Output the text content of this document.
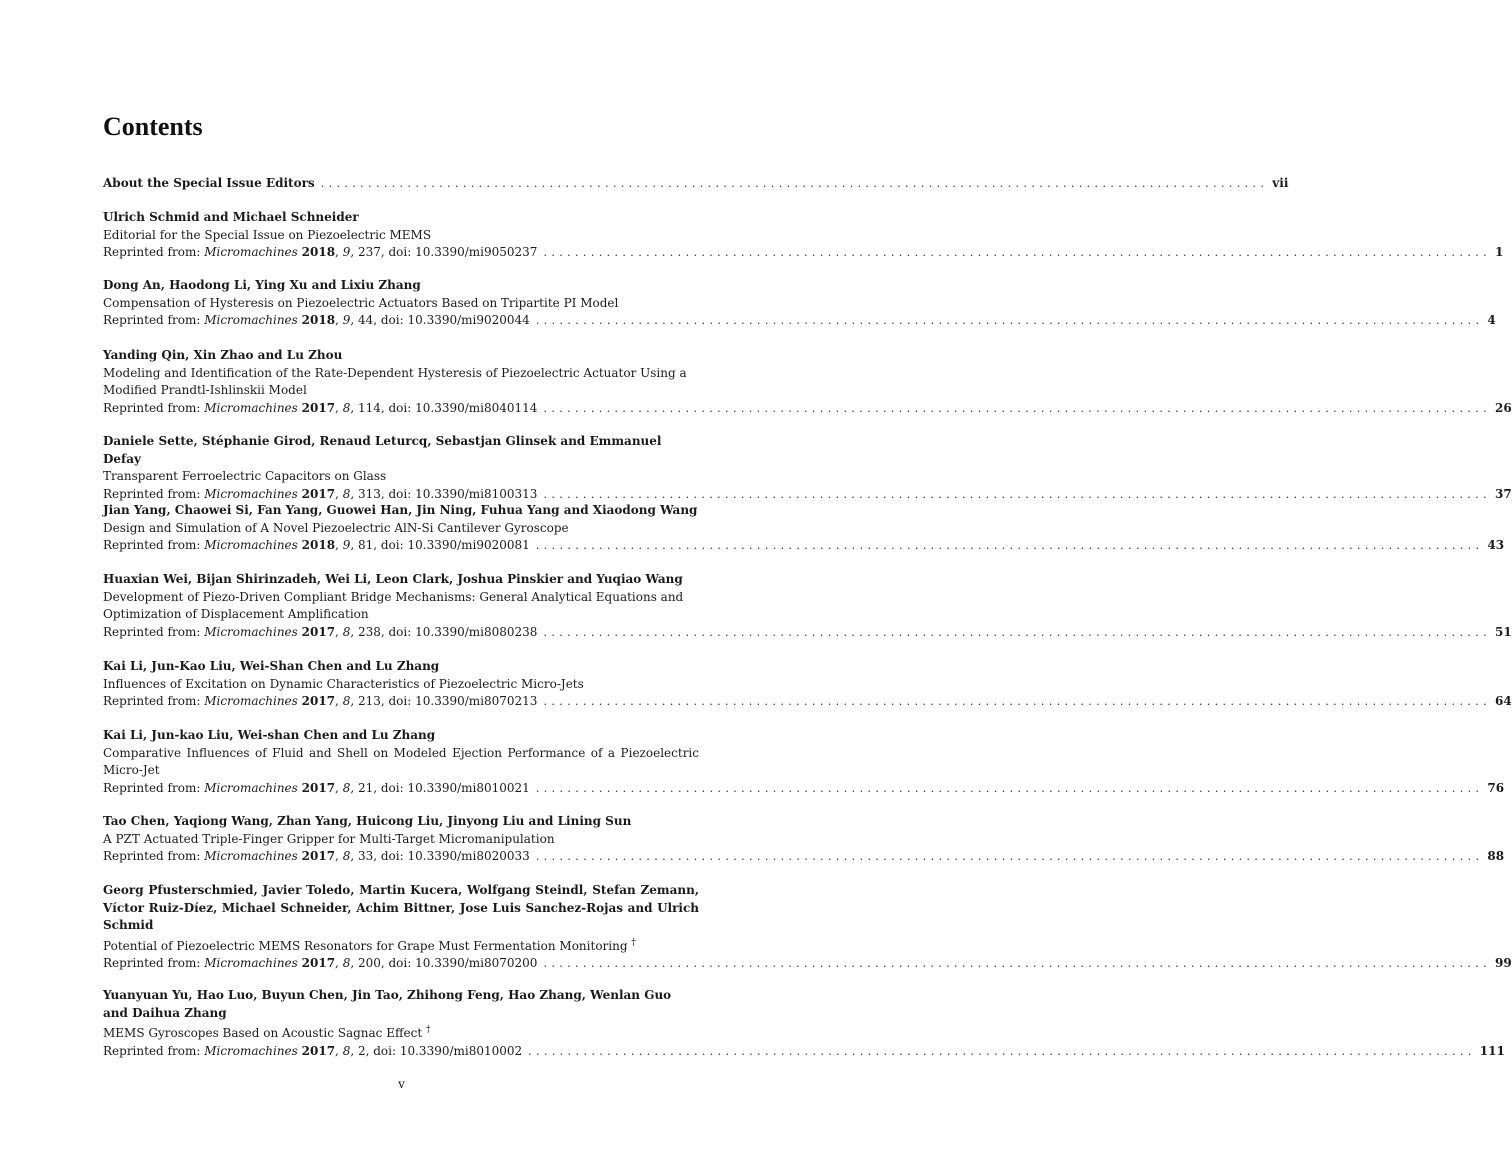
Contents
About the Special Issue Editors ........................................................................................................................ vii
Ulrich Schmid and Michael Schneider
Editorial for the Special Issue on Piezoelectric MEMS
Reprinted from: Micromachines 2018, 9, 237, doi: 10.3390/mi9050237 ........................................................................................................................ 1
Dong An, Haodong Li, Ying Xu and Lixiu Zhang
Compensation of Hysteresis on Piezoelectric Actuators Based on Tripartite PI Model
Reprinted from: Micromachines 2018, 9, 44, doi: 10.3390/mi9020044 ........................................................................................................................ 4
Yanding Qin, Xin Zhao and Lu Zhou
Modeling and Identification of the Rate-Dependent Hysteresis of Piezoelectric Actuator Using a Modified Prandtl-Ishlinskii Model
Reprinted from: Micromachines 2017, 8, 114, doi: 10.3390/mi8040114 ........................................................................................................................ 26
Daniele Sette, Stéphanie Girod, Renaud Leturcq, Sebastjan Glinsek and Emmanuel Defay
Transparent Ferroelectric Capacitors on Glass
Reprinted from: Micromachines 2017, 8, 313, doi: 10.3390/mi8100313 ........................................................................................................................ 37
Jian Yang, Chaowei Si, Fan Yang, Guowei Han, Jin Ning, Fuhua Yang and Xiaodong Wang
Design and Simulation of A Novel Piezoelectric AlN-Si Cantilever Gyroscope
Reprinted from: Micromachines 2018, 9, 81, doi: 10.3390/mi9020081 ........................................................................................................................ 43
Huaxian Wei, Bijan Shirinzadeh, Wei Li, Leon Clark, Joshua Pinskier and Yuqiao Wang
Development of Piezo-Driven Compliant Bridge Mechanisms: General Analytical Equations and Optimization of Displacement Amplification
Reprinted from: Micromachines 2017, 8, 238, doi: 10.3390/mi8080238 ........................................................................................................................ 51
Kai Li, Jun-Kao Liu, Wei-Shan Chen and Lu Zhang
Influences of Excitation on Dynamic Characteristics of Piezoelectric Micro-Jets
Reprinted from: Micromachines 2017, 8, 213, doi: 10.3390/mi8070213 ........................................................................................................................ 64
Kai Li, Jun-kao Liu, Wei-shan Chen and Lu Zhang
Comparative Influences of Fluid and Shell on Modeled Ejection Performance of a Piezoelectric Micro-Jet
Reprinted from: Micromachines 2017, 8, 21, doi: 10.3390/mi8010021 ........................................................................................................................ 76
Tao Chen, Yaqiong Wang, Zhan Yang, Huicong Liu, Jinyong Liu and Lining Sun
A PZT Actuated Triple-Finger Gripper for Multi-Target Micromanipulation
Reprinted from: Micromachines 2017, 8, 33, doi: 10.3390/mi8020033 ........................................................................................................................ 88
Georg Pfusterschmied, Javier Toledo, Martin Kucera, Wolfgang Steindl, Stefan Zemann, Víctor Ruiz-Díez, Michael Schneider, Achim Bittner, Jose Luis Sanchez-Rojas and Ulrich Schmid
Potential of Piezoelectric MEMS Resonators for Grape Must Fermentation Monitoring †
Reprinted from: Micromachines 2017, 8, 200, doi: 10.3390/mi8070200 ........................................................................................................................ 99
Yuanyuan Yu, Hao Luo, Buyun Chen, Jin Tao, Zhihong Feng, Hao Zhang, Wenlan Guo and Daihua Zhang
MEMS Gyroscopes Based on Acoustic Sagnac Effect †
Reprinted from: Micromachines 2017, 8, 2, doi: 10.3390/mi8010002 ........................................................................................................................ 111
v
